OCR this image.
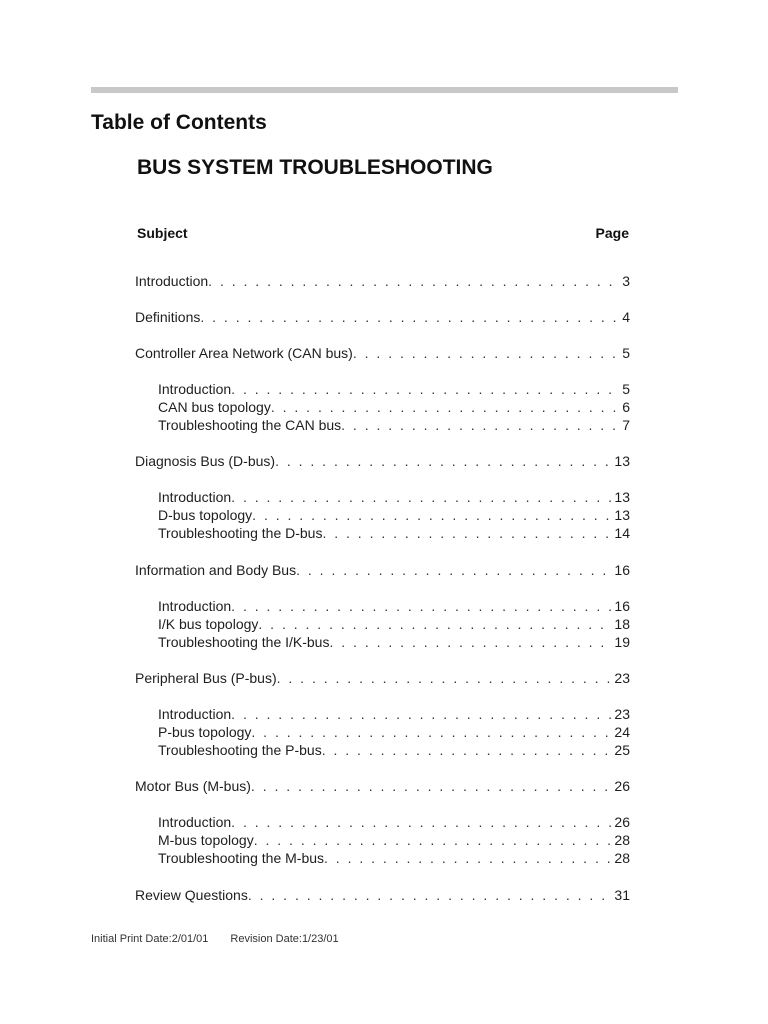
Table of Contents
BUS SYSTEM TROUBLESHOOTING
Subject	Page
Introduction . . .	3
Definitions . . .	4
Controller Area Network (CAN bus) . . .	5
Introduction . . .	5
CAN bus topology . . .	6
Troubleshooting the CAN bus . . .	7
Diagnosis Bus (D-bus) . . .	13
Introduction . . .	13
D-bus topology . . .	13
Troubleshooting the D-bus . . .	14
Information and Body Bus . . .	16
Introduction . . .	16
I/K bus topology . . .	18
Troubleshooting the I/K-bus . . .	19
Peripheral Bus (P-bus) . . .	23
Introduction . . .	23
P-bus topology . . .	24
Troubleshooting the P-bus . . .	25
Motor Bus (M-bus) . . .	26
Introduction . . .	26
M-bus topology . . .	28
Troubleshooting the M-bus . . .	28
Review Questions . . .	31
Initial Print Date:2/01/01 Revision Date:1/23/01
